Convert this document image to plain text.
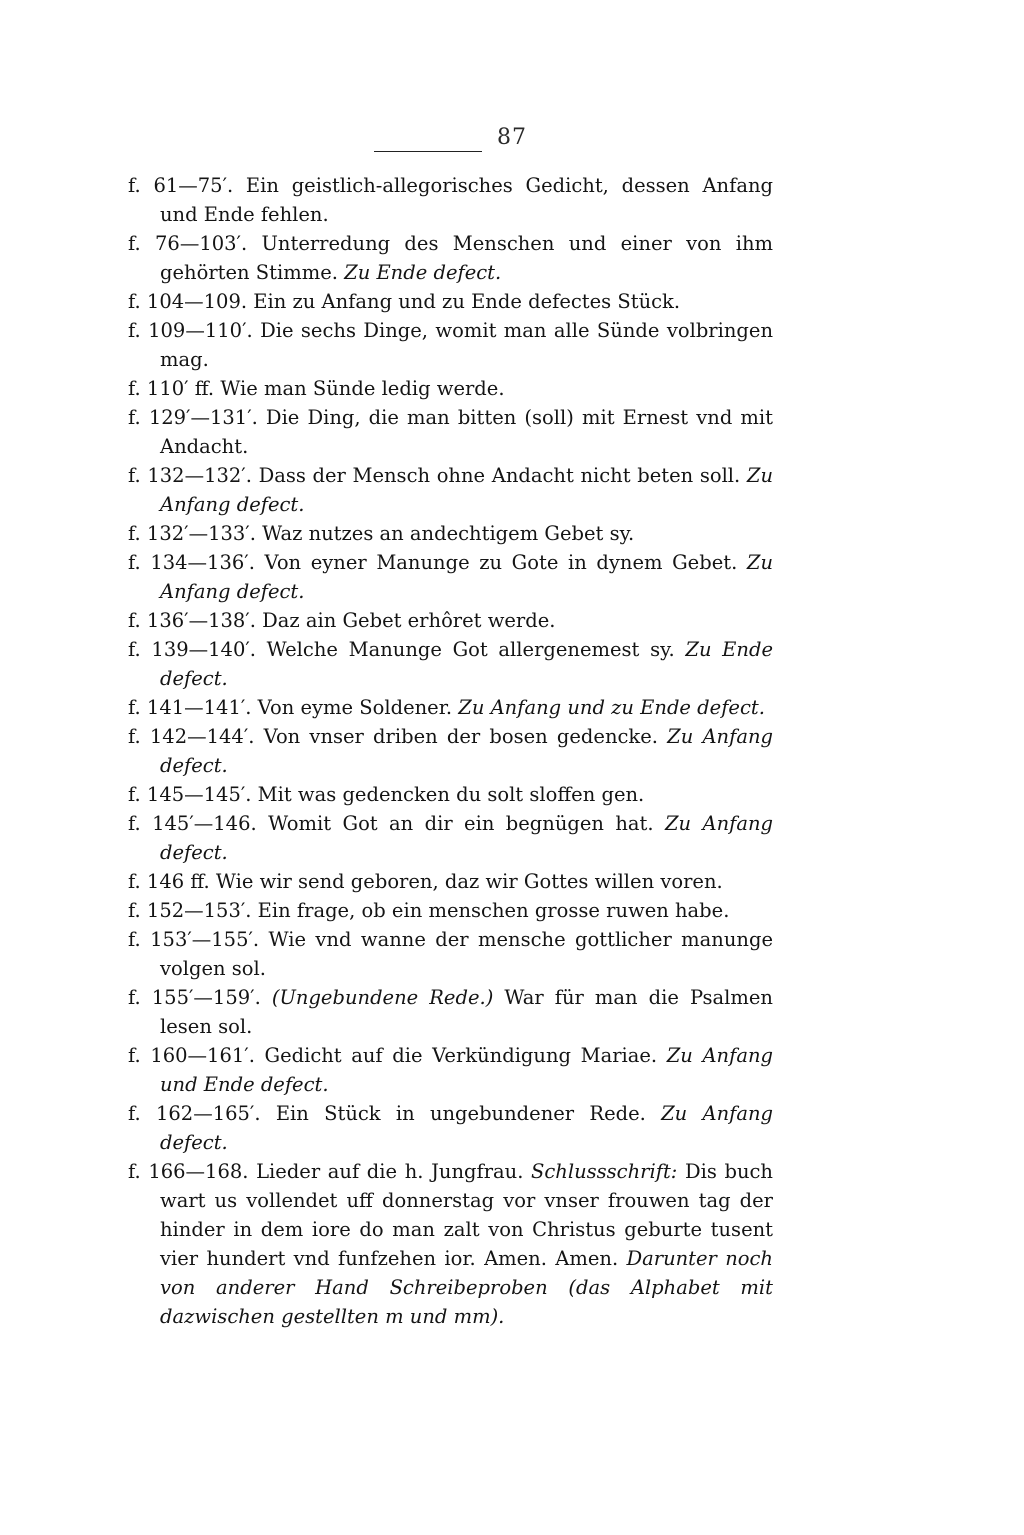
87
f. 61—75′. Ein geistlich-allegorisches Gedicht, dessen Anfang und Ende fehlen.
f. 76—103′. Unterredung des Menschen und einer von ihm gehörten Stimme. Zu Ende defect.
f. 104—109. Ein zu Anfang und zu Ende defectes Stück.
f. 109—110′. Die sechs Dinge, womit man alle Sünde volbringen mag.
f. 110′ ff. Wie man Sünde ledig werde.
f. 129′—131′. Die Ding, die man bitten (soll) mit Ernest vnd mit Andacht.
f. 132—132′. Dass der Mensch ohne Andacht nicht beten soll. Zu Anfang defect.
f. 132′—133′. Waz nutzes an andechtigem Gebet sy.
f. 134—136′. Von eyner Manunge zu Gote in dynem Gebet. Zu Anfang defect.
f. 136′—138′. Daz ain Gebet erhôret werde.
f. 139—140′. Welche Manunge Got allergenemest sy. Zu Ende defect.
f. 141—141′. Von eyme Soldener. Zu Anfang und zu Ende defect.
f. 142—144′. Von vnser driben der bosen gedencke. Zu Anfang defect.
f. 145—145′. Mit was gedencken du solt sloffen gen.
f. 145′—146. Womit Got an dir ein begnügen hat. Zu Anfang defect.
f. 146 ff. Wie wir send geboren, daz wir Gottes willen voren.
f. 152—153′. Ein frage, ob ein menschen grosse ruwen habe.
f. 153′—155′. Wie vnd wanne der mensche gottlicher manunge volgen sol.
f. 155′—159′. (Ungebundene Rede.) War für man die Psalmen lesen sol.
f. 160—161′. Gedicht auf die Verkündigung Mariae. Zu Anfang und Ende defect.
f. 162—165′. Ein Stück in ungebundener Rede. Zu Anfang defect.
f. 166—168. Lieder auf die h. Jungfrau. Schlussschrift: Dis buch wart us vollendet uff donnerstag vor vnser frouwen tag der hinder in dem iore do man zalt von Christus geburte tusent vier hundert vnd funfzehen ior. Amen. Amen. Darunter noch von anderer Hand Schreibeproben (das Alphabet mit dazwischen gestellten m und mm).
